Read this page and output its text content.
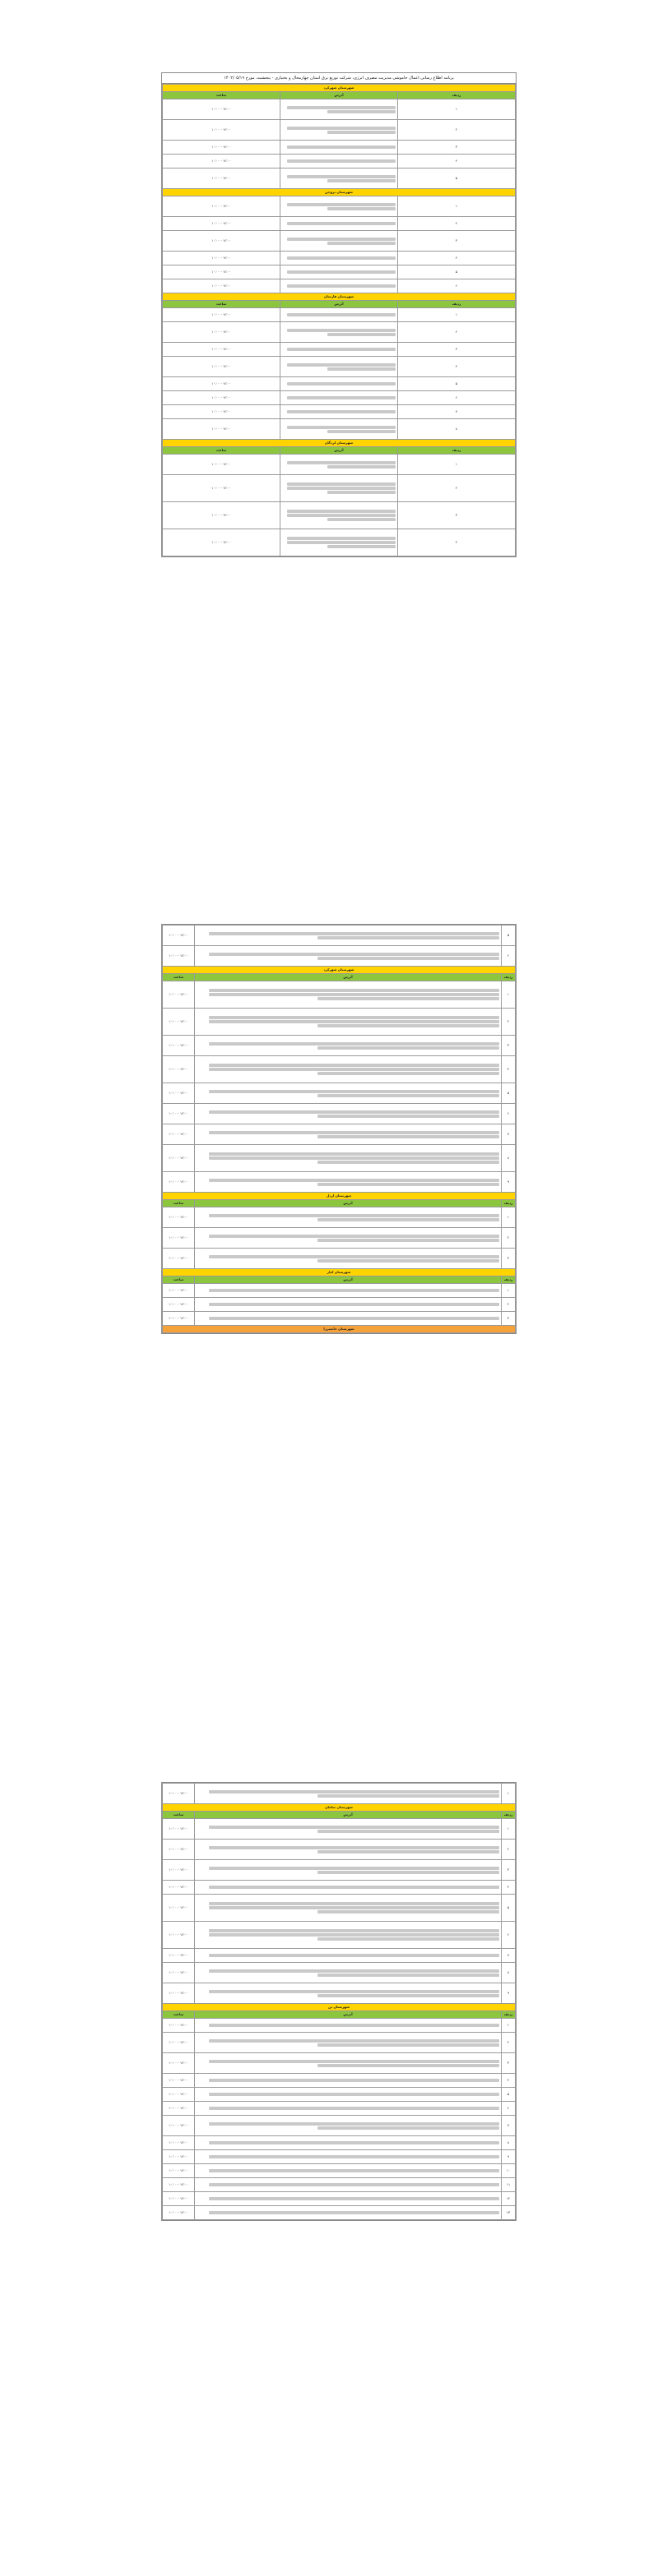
برنامه اطلاع رسانی اعمال خاموشی مدیریت مصرف انرژی، شرکت توزیع برق استان چهارمحال و بختیاری - پنجشنبه، مورخ ۱۴۰۲/۰۵/۱۹
شهرستان شهرکرد		
ردیف	آدرس	ساعت
۱		۱۰:۰۰ - ۱۲:۰۰
۲		۱۰:۰۰ - ۱۲:۰۰
۳		۱۰:۰۰ - ۱۲:۰۰
۴		۱۰:۰۰ - ۱۲:۰۰
۵		۱۰:۰۰ - ۱۲:۰۰
شهرستان بروجن		
۱		۱۰:۰۰ - ۱۲:۰۰
۲		۱۰:۰۰ - ۱۲:۰۰
۳		۱۰:۰۰ - ۱۲:۰۰
۴		۱۰:۰۰ - ۱۲:۰۰
۵		۱۰:۰۰ - ۱۲:۰۰
۶		۱۰:۰۰ - ۱۲:۰۰
شهرستان فارسان		
ردیف	آدرس	ساعت
۱		۱۰:۰۰ - ۱۲:۰۰
۲		۱۰:۰۰ - ۱۲:۰۰
۳		۱۰:۰۰ - ۱۲:۰۰
۴		۱۰:۰۰ - ۱۲:۰۰
۵		۱۰:۰۰ - ۱۲:۰۰
۶		۱۰:۰۰ - ۱۲:۰۰
۷		۱۰:۰۰ - ۱۲:۰۰
۸		۱۰:۰۰ - ۱۲:۰۰
شهرستان لردگان		
ردیف	آدرس	ساعت
۱		۱۰:۰۰ - ۱۲:۰۰
۲		۱۰:۰۰ - ۱۲:۰۰
۳		۱۰:۰۰ - ۱۲:۰۰
۴		۱۰:۰۰ - ۱۲:۰۰
۵		۱۰:۰۰ - ۱۲:۰۰
۶		۱۰:۰۰ - ۱۲:۰۰
شهرستان شهرکرد		
ردیف	آدرس	ساعت
۱		۱۰:۰۰ - ۱۲:۰۰
۲		۱۰:۰۰ - ۱۲:۰۰
۳		۱۰:۰۰ - ۱۲:۰۰
۴		۱۰:۰۰ - ۱۲:۰۰
۵		۱۰:۰۰ - ۱۲:۰۰
۶		۱۰:۰۰ - ۱۲:۰۰
۷		۱۰:۰۰ - ۱۲:۰۰
۸		۱۰:۰۰ - ۱۲:۰۰
۹		۱۰:۰۰ - ۱۲:۰۰
شهرستان اردل		
ردیف	آدرس	ساعت
۱		۱۰:۰۰ - ۱۲:۰۰
۲		۱۰:۰۰ - ۱۲:۰۰
۳		۱۰:۰۰ - ۱۲:۰۰
شهرستان کیار		
ردیف	آدرس	ساعت
۱		۱۰:۰۰ - ۱۲:۰۰
۲		۱۰:۰۰ - ۱۲:۰۰
۳		۱۰:۰۰ - ۱۲:۰۰
شهرستان خانمیرزا		
۱		۱۰:۰۰ - ۱۲:۰۰
شهرستان سامان		
ردیف	آدرس	ساعت
۱		۱۰:۰۰ - ۱۲:۰۰
۲		۱۰:۰۰ - ۱۲:۰۰
۳		۱۰:۰۰ - ۱۲:۰۰
۴		۱۰:۰۰ - ۱۲:۰۰
۵		۱۰:۰۰ - ۱۲:۰۰
۶		۱۰:۰۰ - ۱۲:۰۰
۷		۱۰:۰۰ - ۱۲:۰۰
۸		۱۰:۰۰ - ۱۲:۰۰
۹		۱۰:۰۰ - ۱۲:۰۰
شهرستان بن		
ردیف	آدرس	ساعت
۱		۱۰:۰۰ - ۱۲:۰۰
۲		۱۰:۰۰ - ۱۲:۰۰
۳		۱۰:۰۰ - ۱۲:۰۰
۴		۱۰:۰۰ - ۱۲:۰۰
۵		۱۰:۰۰ - ۱۲:۰۰
۶		۱۰:۰۰ - ۱۲:۰۰
۷		۱۰:۰۰ - ۱۲:۰۰
۸		۱۰:۰۰ - ۱۲:۰۰
۹		۱۰:۰۰ - ۱۲:۰۰
۱۰		۱۰:۰۰ - ۱۲:۰۰
۱۱		۱۰:۰۰ - ۱۲:۰۰
۱۲		۱۰:۰۰ - ۱۲:۰۰
۱۳		۱۰:۰۰ - ۱۲:۰۰
